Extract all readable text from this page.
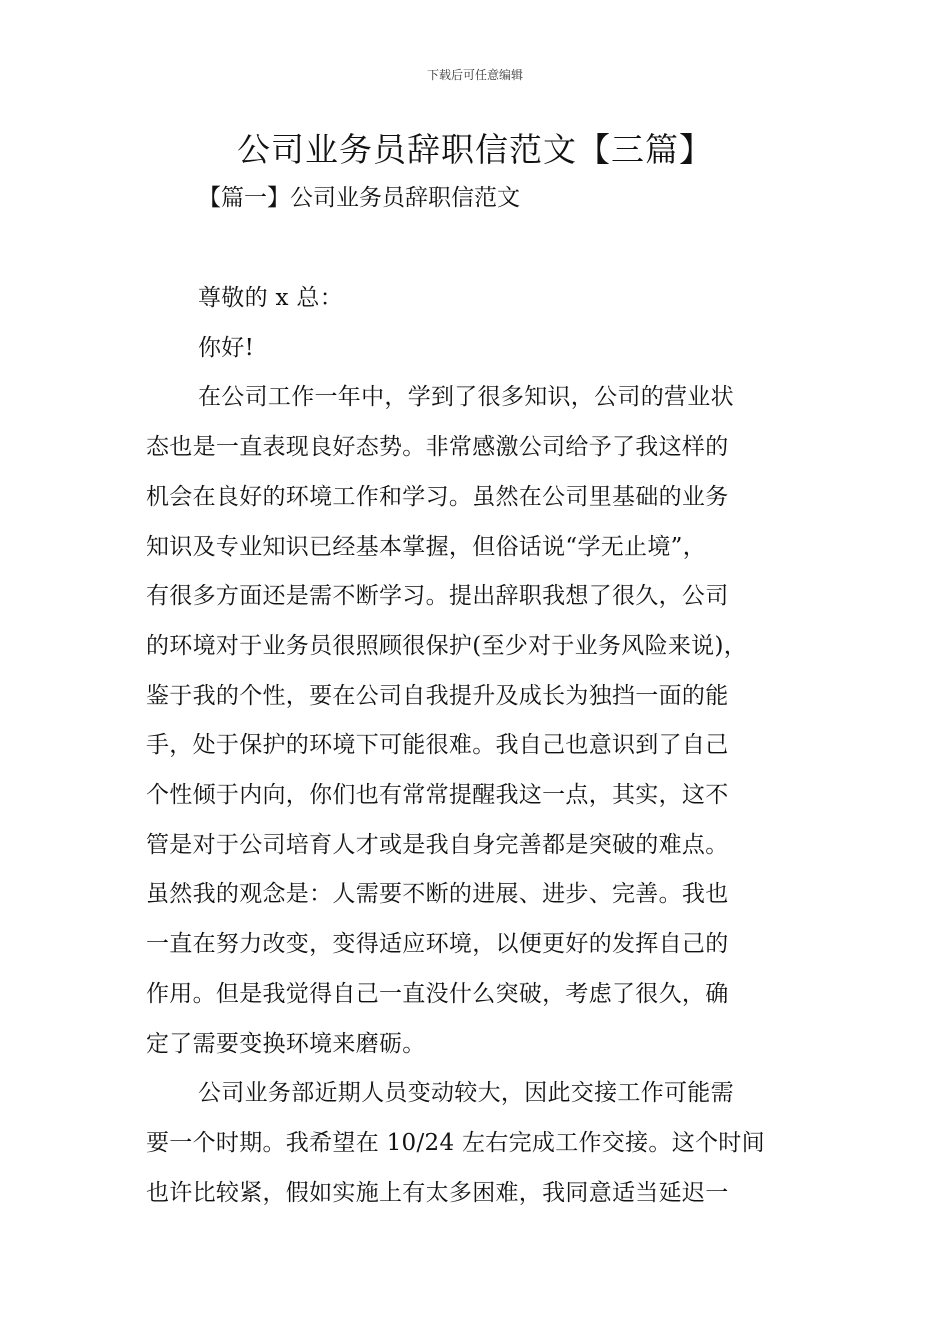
下载后可任意编辑
公司业务员辞职信范文【三篇】
【篇一】公司业务员辞职信范文

尊敬的 x 总：

你好!

在公司工作一年中，学到了很多知识，公司的营业状
态也是一直表现良好态势。非常感激公司给予了我这样的
机会在良好的环境工作和学习。虽然在公司里基础的业务
知识及专业知识已经基本掌握，但俗话说“学无止境”，
有很多方面还是需不断学习。提出辞职我想了很久，公司
的环境对于业务员很照顾很保护(至少对于业务风险来说)，
鉴于我的个性，要在公司自我提升及成长为独挡一面的能
手，处于保护的环境下可能很难。我自己也意识到了自己
个性倾于内向，你们也有常常提醒我这一点，其实，这不
管是对于公司培育人才或是我自身完善都是突破的难点。
虽然我的观念是：人需要不断的进展、进步、完善。我也
一直在努力改变，变得适应环境，以便更好的发挥自己的
作用。但是我觉得自己一直没什么突破，考虑了很久，确
定了需要变换环境来磨砺。

公司业务部近期人员变动较大，因此交接工作可能需
要一个时期。我希望在 10/24 左右完成工作交接。这个时间
也许比较紧，假如实施上有太多困难，我同意适当延迟一
